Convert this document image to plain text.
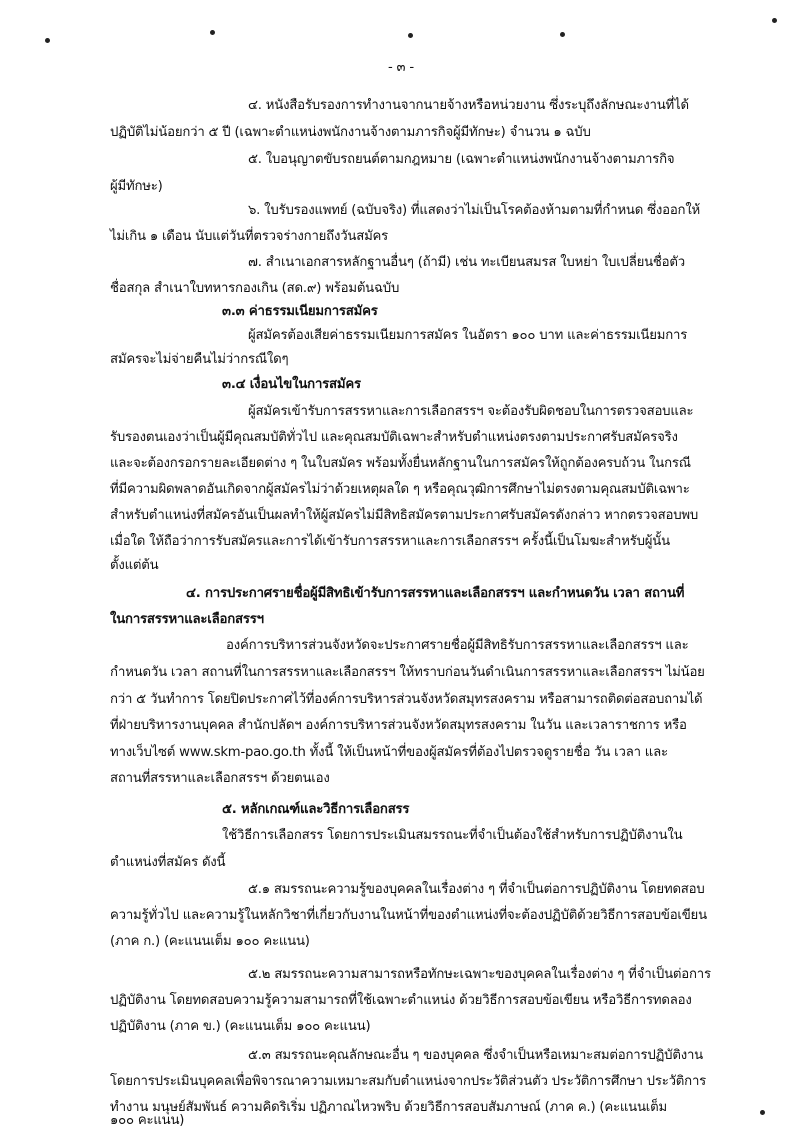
- ๓ -
๔. หนังสือรับรองการทำงานจากนายจ้างหรือหน่วยงาน ซึ่งระบุถึงลักษณะงานที่ได้
ปฏิบัติไม่น้อยกว่า ๕ ปี (เฉพาะตำแหน่งพนักงานจ้างตามภารกิจผู้มีทักษะ) จำนวน ๑ ฉบับ
๕. ใบอนุญาตขับรถยนต์ตามกฎหมาย (เฉพาะตำแหน่งพนักงานจ้างตามภารกิจ
ผู้มีทักษะ)
๖. ใบรับรองแพทย์ (ฉบับจริง) ที่แสดงว่าไม่เป็นโรคต้องห้ามตามที่กำหนด ซึ่งออกให้
ไม่เกิน ๑ เดือน นับแต่วันที่ตรวจร่างกายถึงวันสมัคร
๗. สำเนาเอกสารหลักฐานอื่นๆ (ถ้ามี) เช่น ทะเบียนสมรส ใบหย่า ใบเปลี่ยนชื่อตัว
ชื่อสกุล สำเนาใบทหารกองเกิน (สด.๙) พร้อมต้นฉบับ
๓.๓ ค่าธรรมเนียมการสมัคร
ผู้สมัครต้องเสียค่าธรรมเนียมการสมัคร ในอัตรา ๑๐๐ บาท และค่าธรรมเนียมการ
สมัครจะไม่จ่ายคืนไม่ว่ากรณีใดๆ
๓.๔ เงื่อนไขในการสมัคร
ผู้สมัครเข้ารับการสรรหาและการเลือกสรรฯ จะต้องรับผิดชอบในการตรวจสอบและ
รับรองตนเองว่าเป็นผู้มีคุณสมบัติทั่วไป และคุณสมบัติเฉพาะสำหรับตำแหน่งตรงตามประกาศรับสมัครจริง
และจะต้องกรอกรายละเอียดต่าง ๆ ในใบสมัคร พร้อมทั้งยื่นหลักฐานในการสมัครให้ถูกต้องครบถ้วน ในกรณี
ที่มีความผิดพลาดอันเกิดจากผู้สมัครไม่ว่าด้วยเหตุผลใด ๆ หรือคุณวุฒิการศึกษาไม่ตรงตามคุณสมบัติเฉพาะ
สำหรับตำแหน่งที่สมัครอันเป็นผลทำให้ผู้สมัครไม่มีสิทธิสมัครตามประกาศรับสมัครดังกล่าว หากตรวจสอบพบ
เมื่อใด ให้ถือว่าการรับสมัครและการได้เข้ารับการสรรหาและการเลือกสรรฯ ครั้งนี้เป็นโมฆะสำหรับผู้นั้น
ตั้งแต่ต้น
๔. การประกาศรายชื่อผู้มีสิทธิเข้ารับการสรรหาและเลือกสรรฯ และกำหนดวัน เวลา สถานที่
ในการสรรหาและเลือกสรรฯ
องค์การบริหารส่วนจังหวัดจะประกาศรายชื่อผู้มีสิทธิรับการสรรหาและเลือกสรรฯ และ
กำหนดวัน เวลา สถานที่ในการสรรหาและเลือกสรรฯ ให้ทราบก่อนวันดำเนินการสรรหาและเลือกสรรฯ ไม่น้อย
กว่า ๕ วันทำการ โดยปิดประกาศไว้ที่องค์การบริหารส่วนจังหวัดสมุทรสงคราม หรือสามารถติดต่อสอบถามได้
ที่ฝ่ายบริหารงานบุคคล สำนักปลัดฯ องค์การบริหารส่วนจังหวัดสมุทรสงคราม ในวัน และเวลาราชการ หรือ
ทางเว็บไซต์ www.skm-pao.go.th ทั้งนี้ ให้เป็นหน้าที่ของผู้สมัครที่ต้องไปตรวจดูรายชื่อ วัน เวลา และ
สถานที่สรรหาและเลือกสรรฯ ด้วยตนเอง
๕. หลักเกณฑ์และวิธีการเลือกสรร
ใช้วิธีการเลือกสรร โดยการประเมินสมรรถนะที่จำเป็นต้องใช้สำหรับการปฏิบัติงานใน
ตำแหน่งที่สมัคร ดังนี้
๕.๑ สมรรถนะความรู้ของบุคคลในเรื่องต่าง ๆ ที่จำเป็นต่อการปฏิบัติงาน โดยทดสอบ
ความรู้ทั่วไป และความรู้ในหลักวิชาที่เกี่ยวกับงานในหน้าที่ของตำแหน่งที่จะต้องปฏิบัติด้วยวิธีการสอบข้อเขียน
(ภาค ก.) (คะแนนเต็ม ๑๐๐ คะแนน)
๕.๒ สมรรถนะความสามารถหรือทักษะเฉพาะของบุคคลในเรื่องต่าง ๆ ที่จำเป็นต่อการ
ปฏิบัติงาน โดยทดสอบความรู้ความสามารถที่ใช้เฉพาะตำแหน่ง ด้วยวิธีการสอบข้อเขียน หรือวิธีการทดลอง
ปฏิบัติงาน (ภาค ข.) (คะแนนเต็ม ๑๐๐ คะแนน)
๕.๓ สมรรถนะคุณลักษณะอื่น ๆ ของบุคคล ซึ่งจำเป็นหรือเหมาะสมต่อการปฏิบัติงาน
โดยการประเมินบุคคลเพื่อพิจารณาความเหมาะสมกับตำแหน่งจากประวัติส่วนตัว ประวัติการศึกษา ประวัติการ
ทำงาน มนุษย์สัมพันธ์ ความคิดริเริ่ม ปฏิภาณไหวพริบ ด้วยวิธีการสอบสัมภาษณ์ (ภาค ค.) (คะแนนเต็ม
๑๐๐ คะแนน)
